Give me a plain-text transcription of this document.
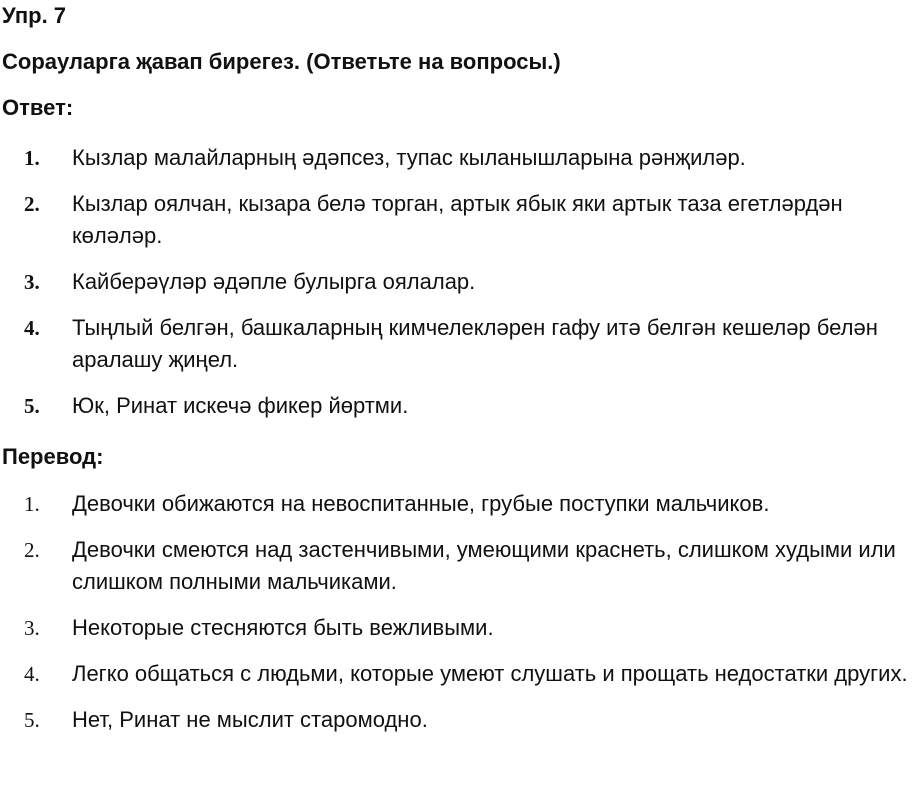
Упр. 7
Сорауларга җавап бирегез. (Ответьте на вопросы.)
Ответ:
1. Кызлар малайларның әдәпсез, тупас кыланышларына рәнҗиләр.
2. Кызлар оялчан, кызара белә торган, артык ябык яки артык таза егетләрдән көләләр.
3. Кайберәүләр әдәпле булырга оялалар.
4. Тыңлый белгән, башкаларның кимчелекләрен гафу итә белгән кешеләр белән аралашу җиңел.
5. Юк, Ринат искечә фикер йөртми.
Перевод:
1. Девочки обижаются на невоспитанные, грубые поступки мальчиков.
2. Девочки смеются над застенчивыми, умеющими краснеть, слишком худыми или слишком полными мальчиками.
3. Некоторые стесняются быть вежливыми.
4. Легко общаться с людьми, которые умеют слушать и прощать недостатки других.
5. Нет, Ринат не мыслит старомодно.
